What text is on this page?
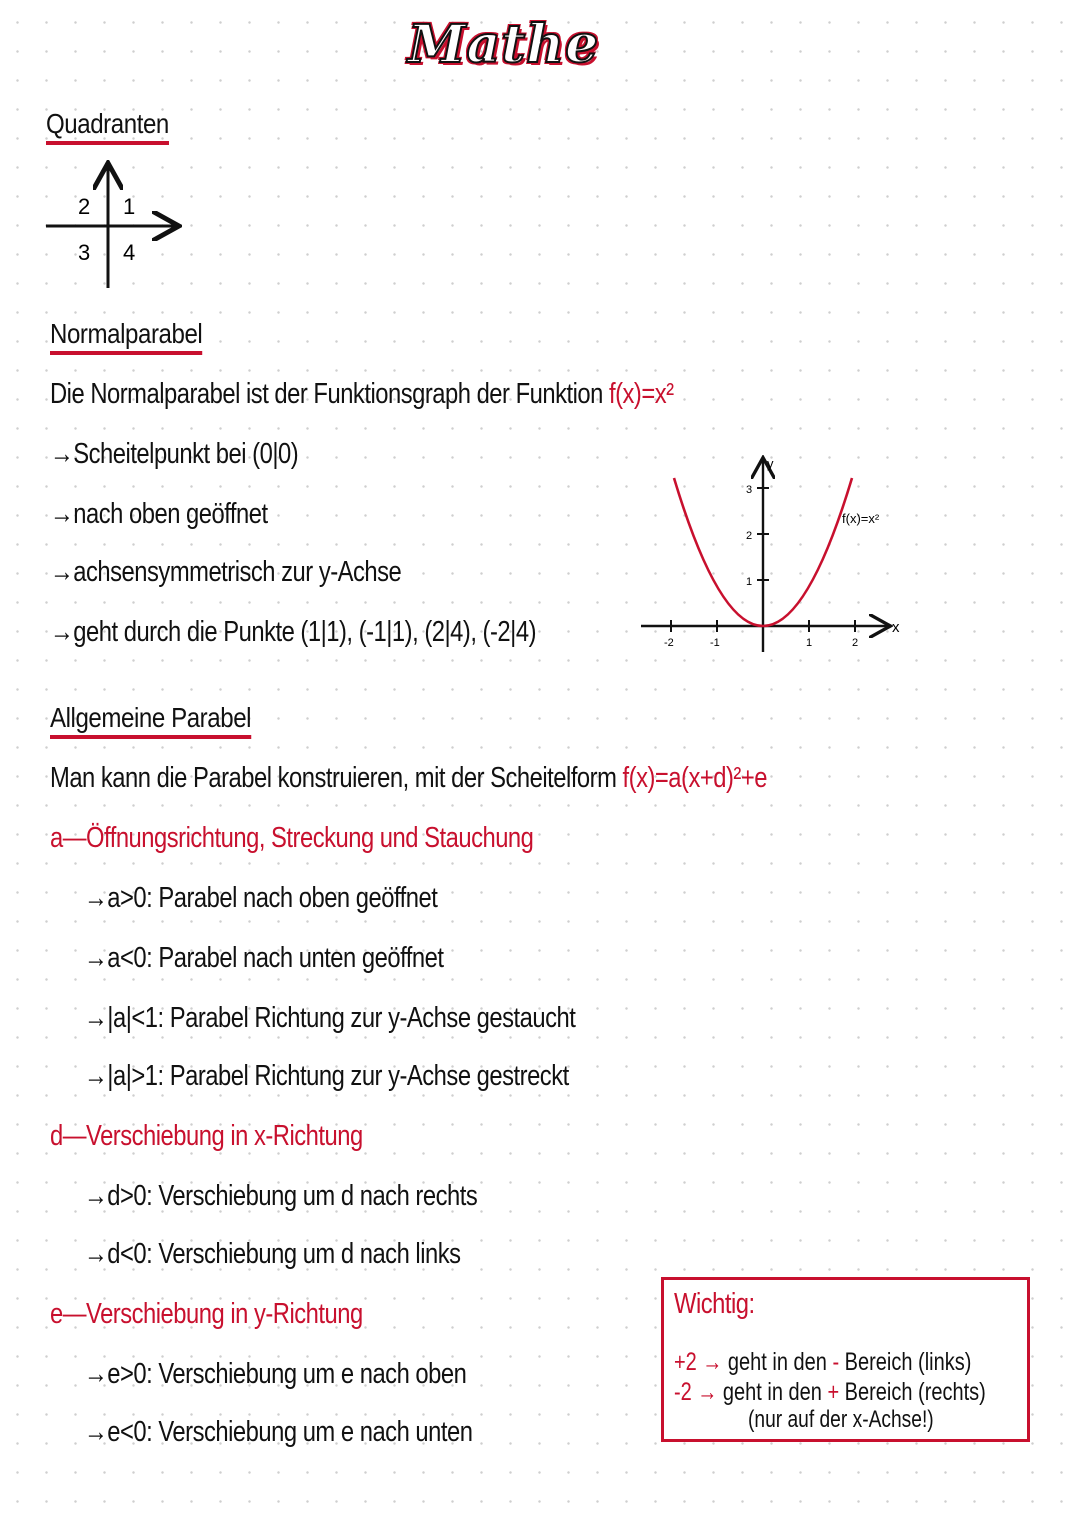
Mathe
Quadranten
2 1
3 4
Normalparabel
Die Normalparabel ist der Funktionsgraph der Funktion f(x)=x²
→Scheitelpunkt bei (0|0)
→nach oben geöffnet
→achsensymmetrisch zur y-Achse
→geht durch die Punkte (1|1), (-1|1), (2|4), (-2|4)
y
x
f(x)=x²
1
2
3
-2	-1	1	2
Allgemeine Parabel
Man kann die Parabel konstruieren, mit der Scheitelform f(x)=a(x+d)²+e
a—Öffnungsrichtung, Streckung und Stauchung
→a>0: Parabel nach oben geöffnet
→a<0: Parabel nach unten geöffnet
→|a|<1: Parabel Richtung zur y-Achse gestaucht
→|a|>1: Parabel Richtung zur y-Achse gestreckt
d—Verschiebung in x-Richtung
→d>0: Verschiebung um d nach rechts
→d<0: Verschiebung um d nach links
e—Verschiebung in y-Richtung
→e>0: Verschiebung um e nach oben
→e<0: Verschiebung um e nach unten
Wichtig:
+2 → geht in den - Bereich (links)
-2 → geht in den + Bereich (rechts)
(nur auf der x-Achse!)
